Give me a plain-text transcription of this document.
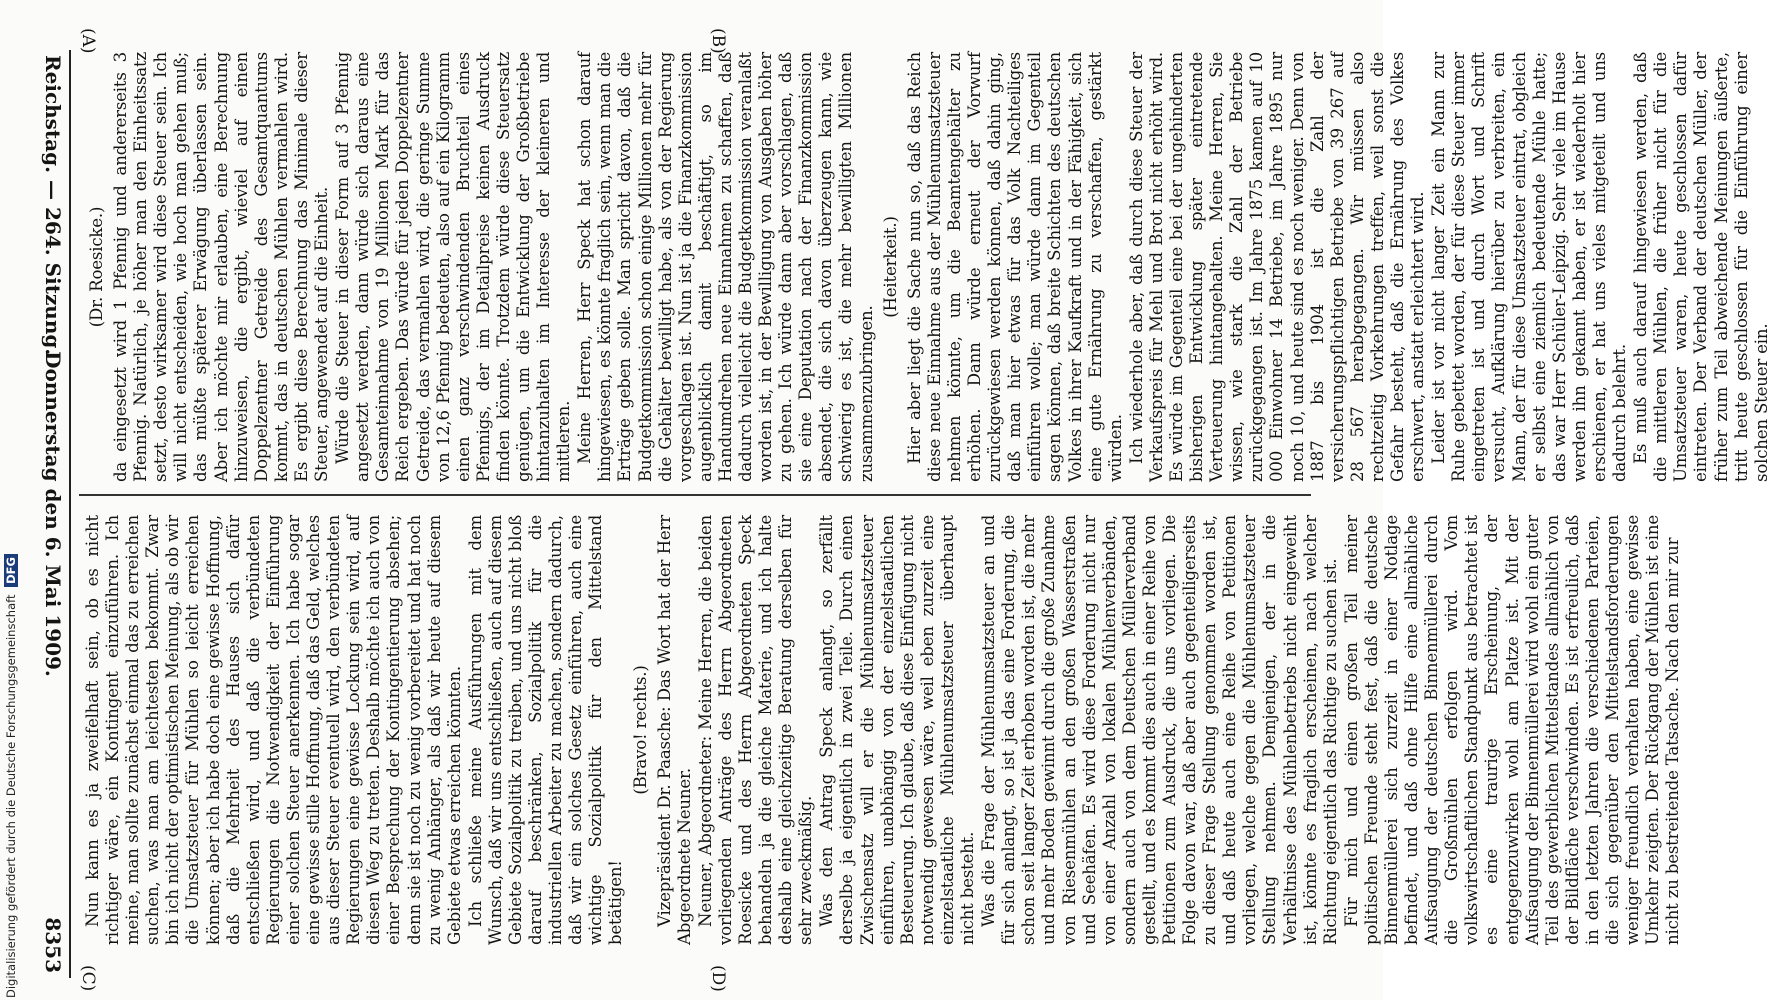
Reichstag. — 264. Sitzung.
Donnerstag den 6. Mai 1909.
8353
(A)	(B)
(C)	(D)

(Dr. Roesicke.) da eingesetzt wird 1 Pfennig und andererseits 3 Pfennig. Natürlich, je höher man den Einheitssatz setzt, desto wirksamer wird diese Steuer sein. Ich will nicht entscheiden, wie hoch man gehen muß; das müßte späterer Erwägung überlassen sein. Aber ich möchte mir erlauben, eine Berechnung hinzuweisen, die ergibt, wieviel auf einen Doppelzentner Getreide des Gesamtquantums kommt, das in deutschen Mühlen vermahlen wird. Es ergibt diese Berechnung das Minimale dieser Steuer, angewendet auf die Einheit. Würde die Steuer in dieser Form auf 3 Pfennig angesetzt werden, dann würde sich daraus eine Gesamteinnahme von 19 Millionen Mark für das Reich ergeben. Das würde für jeden Doppelzentner Getreide, das vermahlen wird, die geringe Summe von 12,6 Pfennig bedeuten, also auf ein Kilogramm einen ganz verschwindenden Bruchteil eines Pfennigs, der im Detailpreise keinen Ausdruck finden könnte. Trotzdem würde diese Steuersatz genügen, um die Entwicklung der Großbetriebe hintanzuhalten im Interesse der kleineren und mittleren. Meine Herren, Herr Speck hat schon darauf hingewiesen, es könnte fraglich sein, wenn man die Erträge geben solle. Man spricht davon, daß die Budgetkommission schon einige Millionen mehr für die Gehälter bewilligt habe, als von der Regierung vorgeschlagen ist. Nun ist ja die Finanzkommission augenblicklich damit beschäftigt, so im Handumdrehen neue Einnahmen zu schaffen, daß dadurch vielleicht die Budgetkommission veranlaßt worden ist, in der Bewilligung von Ausgaben höher zu gehen. Ich würde dann aber vorschlagen, daß sie eine Deputation nach der Finanzkommission absendet, die sich davon überzeugen kann, wie schwierig es ist, die mehr bewilligten Millionen zusammenzubringen.

(Heiterkeit.) Hier aber liegt die Sache nun so, daß das Reich diese neue Einnahme aus der Mühlenumsatzsteuer nehmen könnte, um die Beamtengehälter zu erhöhen. Dann würde erneut der Vorwurf zurückgewiesen werden können, daß dahin ging, daß man hier etwas für das Volk Nachteiliges einführen wolle; man würde dann im Gegenteil sagen können, daß breite Schichten des deutschen Volkes in ihrer Kaufkraft und in der Fähigkeit, sich eine gute Ernährung zu verschaffen, gestärkt würden. Ich wiederhole aber, daß durch diese Steuer der Verkaufspreis für Mehl und Brot nicht erhöht wird. Es würde im Gegenteil eine bei der ungehinderten bisherigen Entwicklung später eintretende Verteuerung hintangehalten. Meine Herren, Sie wissen, wie stark die Zahl der Betriebe zurückgegangen ist. Im Jahre 1875 kamen auf 10 000 Einwohner 14 Betriebe, im Jahre 1895 nur noch 10, und heute sind es noch weniger. Denn von 1887 bis 1904 ist die Zahl der versicherungspflichtigen Betriebe von 39 267 auf 28 567 herabgegangen. Wir müssen also rechtzeitig Vorkehrungen treffen, weil sonst die Gefahr besteht, daß die Ernährung des Volkes erschwert, anstatt erleichtert wird. Leider ist vor nicht langer Zeit ein Mann zur Ruhe gebettet worden, der für diese Steuer immer eingetreten ist und durch Wort und Schrift versucht, Aufklärung hierüber zu verbreiten, ein Mann, der für diese Umsatzsteuer eintrat, obgleich er selbst eine ziemlich bedeutende Mühle hatte; das war Herr Schüler-Leipzig. Sehr viele im Hause werden ihn gekannt haben, er ist wiederholt hier erschienen, er hat uns vieles mitgeteilt und uns dadurch belehrt. Es muß auch darauf hingewiesen werden, daß die mittleren Mühlen, die früher nicht für die Umsatzsteuer waren, heute geschlossen dafür eintreten. Der Verband der deutschen Müller, der früher zum Teil abweichende Meinungen äußerte, tritt heute geschlossen für die Einführung einer solchen Steuer ein.

Nun kann es ja zweifelhaft sein, ob es nicht richtiger wäre, ein Kontingent einzuführen. Ich meine, man sollte zunächst einmal das zu erreichen suchen, was man am leichtesten bekommt. Zwar bin ich nicht der optimistischen Meinung, als ob wir die Umsatzsteuer für Mühlen so leicht erreichen können; aber ich habe doch eine gewisse Hoffnung, daß die Mehrheit des Hauses sich dafür entschließen wird, und daß die verbündeten Regierungen die Notwendigkeit der Einführung einer solchen Steuer anerkennen. Ich habe sogar eine gewisse stille Hoffnung, daß das Geld, welches aus dieser Steuer eventuell wird, den verbündeten Regierungen eine gewisse Lockung sein wird, auf diesen Weg zu treten. Deshalb möchte ich auch von einer Besprechung der Kontingentierung absehen; denn sie ist noch zu wenig vorbereitet und hat noch zu wenig Anhänger, als daß wir heute auf diesem Gebiete etwas erreichen könnten. Ich schließe meine Ausführungen mit dem Wunsch, daß wir uns entschließen, auch auf diesem Gebiete Sozialpolitik zu treiben, und uns nicht bloß darauf beschränken, Sozialpolitik für die industriellen Arbeiter zu machen, sondern dadurch, daß wir ein solches Gesetz einführen, auch eine wichtige Sozialpolitik für den Mittelstand betätigen!

(Bravo! rechts.) Vizepräsident Dr. Paasche: Das Wort hat der Herr Abgeordnete Neuner. Neuner, Abgeordneter: Meine Herren, die beiden vorliegenden Anträge des Herrn Abgeordneten Roesicke und des Herrn Abgeordneten Speck behandeln ja die gleiche Materie, und ich halte deshalb eine gleichzeitige Beratung derselben für sehr zweckmäßig. Was den Antrag Speck anlangt, so zerfällt derselbe ja eigentlich in zwei Teile. Durch einen Zwischensatz will er die Mühlenumsatzsteuer einführen, unabhängig von der einzelstaatlichen Besteuerung. Ich glaube, daß diese Einfügung nicht notwendig gewesen wäre, weil eben zurzeit eine einzelstaatliche Mühlenumsatzsteuer überhaupt nicht besteht. Was die Frage der Mühlenumsatzsteuer an und für sich anlangt, so ist ja das eine Forderung, die schon seit langer Zeit erhoben worden ist, die mehr und mehr Boden gewinnt durch die große Zunahme von Riesenmühlen an den großen Wasserstraßen und Seehäfen. Es wird diese Forderung nicht nur von einer Anzahl von lokalen Mühlenverbänden, sondern auch von dem Deutschen Müllerverband gestellt, und es kommt dies auch in einer Reihe von Petitionen zum Ausdruck, die uns vorliegen. Die Folge davon war, daß aber auch gegenteiligerseits zu dieser Frage Stellung genommen worden ist, und daß heute auch eine Reihe von Petitionen vorliegen, welche gegen die Mühlenumsatzsteuer Stellung nehmen. Demjenigen, der in die Verhältnisse des Mühlenbetriebs nicht eingeweiht ist, könnte es fraglich erscheinen, nach welcher Richtung eigentlich das Richtige zu suchen ist. Für mich und einen großen Teil meiner politischen Freunde steht fest, daß die deutsche Binnenmüllerei sich zurzeit in einer Notlage befindet, und daß ohne Hilfe eine allmähliche Aufsaugung der deutschen Binnenmüllerei durch die Großmühlen erfolgen wird. Vom volkswirtschaftlichen Standpunkt aus betrachtet ist es eine traurige Erscheinung, der entgegenzuwirken wohl am Platze ist. Mit der Aufsaugung der Binnenmüllerei wird wohl ein guter Teil des gewerblichen Mittelstandes allmählich von der Bildfläche verschwinden. Es ist erfreulich, daß in den letzten Jahren die verschiedenen Parteien, die sich gegenüber den Mittelstandsforderungen weniger freundlich verhalten haben, eine gewisse Umkehr zeigten. Der Rückgang der Mühlen ist eine nicht zu bestreitende Tatsache. Nach den mir zur

Digitalisierung gefördert durch die Deutsche Forschungsgemeinschaft DFG
